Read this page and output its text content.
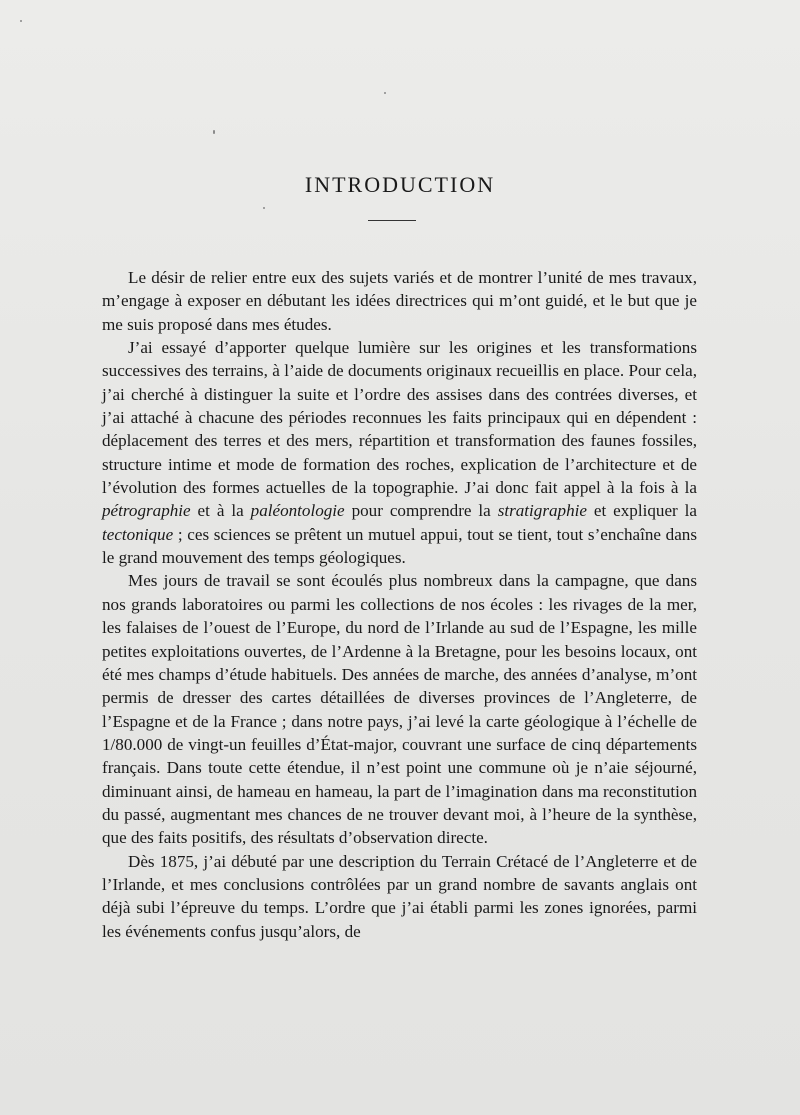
INTRODUCTION

Le désir de relier entre eux des sujets variés et de montrer l’unité de mes travaux, m’engage à exposer en débutant les idées directrices qui m’ont guidé, et le but que je me suis proposé dans mes études.

J’ai essayé d’apporter quelque lumière sur les origines et les transformations successives des terrains, à l’aide de documents originaux recueillis en place. Pour cela, j’ai cherché à distinguer la suite et l’ordre des assises dans des contrées diverses, et j’ai attaché à chacune des périodes reconnues les faits principaux qui en dépendent : déplacement des terres et des mers, répartition et transformation des faunes fossiles, structure intime et mode de formation des roches, explication de l’architecture et de l’évolution des formes actuelles de la topographie. J’ai donc fait appel à la fois à la pétrographie et à la paléontologie pour comprendre la stratigraphie et expliquer la tectonique ; ces sciences se prêtent un mutuel appui, tout se tient, tout s’enchaîne dans le grand mouvement des temps géologiques.

Mes jours de travail se sont écoulés plus nombreux dans la campagne, que dans nos grands laboratoires ou parmi les collections de nos écoles : les rivages de la mer, les falaises de l’ouest de l’Europe, du nord de l’Irlande au sud de l’Espagne, les mille petites exploitations ouvertes, de l’Ardenne à la Bretagne, pour les besoins locaux, ont été mes champs d’étude habituels. Des années de marche, des années d’analyse, m’ont permis de dresser des cartes détaillées de diverses provinces de l’Angleterre, de l’Espagne et de la France ; dans notre pays, j’ai levé la carte géologique à l’échelle de 1/80.000 de vingt-un feuilles d’État-major, couvrant une surface de cinq départements français. Dans toute cette étendue, il n’est point une commune où je n’aie séjourné, diminuant ainsi, de hameau en hameau, la part de l’imagination dans ma reconstitution du passé, augmentant mes chances de ne trouver devant moi, à l’heure de la synthèse, que des faits positifs, des résultats d’observation directe.

Dès 1875, j’ai débuté par une description du Terrain Crétacé de l’Angleterre et de l’Irlande, et mes conclusions contrôlées par un grand nombre de savants anglais ont déjà subi l’épreuve du temps. L’ordre que j’ai établi parmi les zones ignorées, parmi les événements confus jusqu’alors, de
